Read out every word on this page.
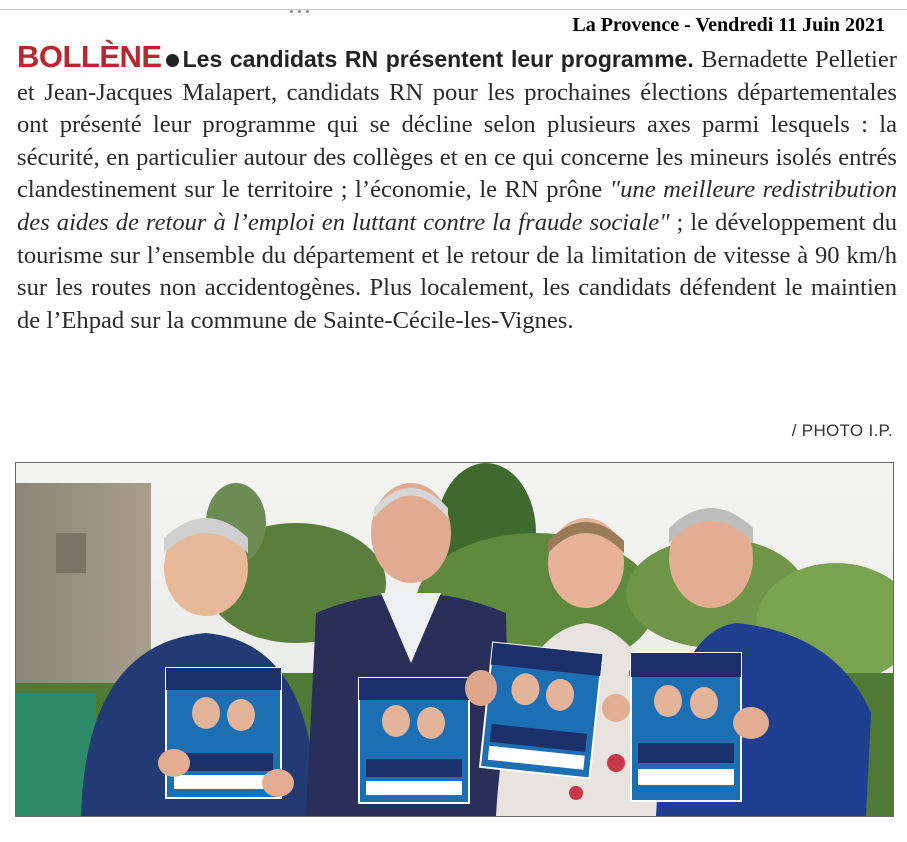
La Provence - Vendredi 11 Juin 2021
BOLLÈNE Les candidats RN présentent leur programme. Bernadette Pelletier et Jean-Jacques Malapert, candidats RN pour les prochaines élections départementales ont présenté leur programme qui se décline selon plusieurs axes parmi lesquels : la sécurité, en particulier autour des collèges et en ce qui concerne les mineurs isolés entrés clandestinement sur le territoire ; l’économie, le RN prône "une meilleure redistribution des aides de retour à l’emploi en luttant contre la fraude sociale" ; le développement du tourisme sur l’ensemble du département et le retour de la limitation de vitesse à 90 km/h sur les routes non accidentogènes. Plus localement, les candidats défendent le maintien de l’Ehpad sur la commune de Sainte-Cécile-les-Vignes.
/ PHOTO I.P.
